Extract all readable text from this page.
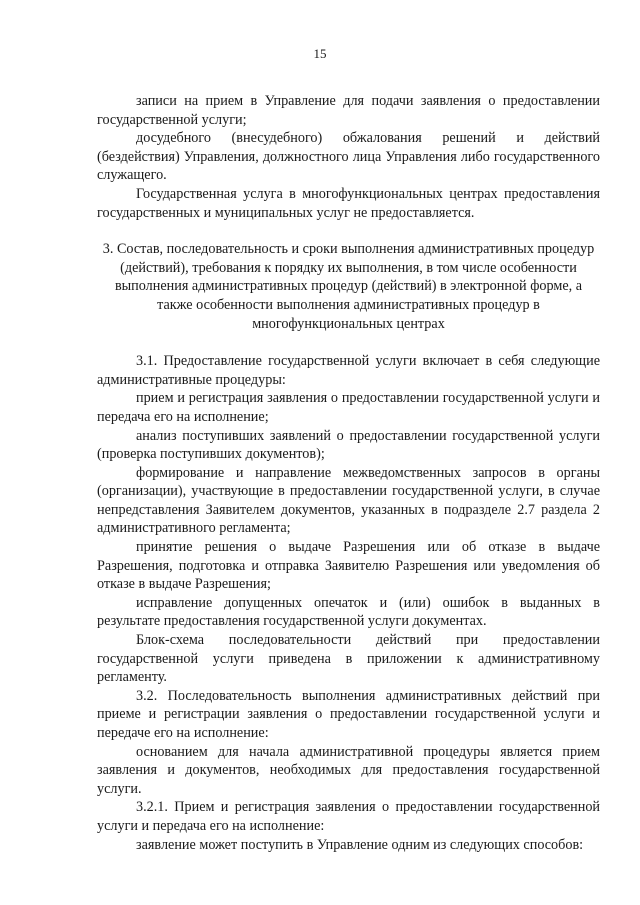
15

записи на прием в Управление для подачи заявления о предоставлении государственной услуги;

досудебного (внесудебного) обжалования решений и действий (бездействия) Управления, должностного лица Управления либо государственного служащего.

Государственная услуга в многофункциональных центрах предоставления государственных и муниципальных услуг не предоставляется.

3. Состав, последовательность и сроки выполнения административных процедур (действий), требования к порядку их выполнения, в том числе особенности выполнения административных процедур (действий) в электронной форме, а также особенности выполнения административных процедур в многофункциональных центрах

3.1. Предоставление государственной услуги включает в себя следующие административные процедуры:

прием и регистрация заявления о предоставлении государственной услуги и передача его на исполнение;

анализ поступивших заявлений о предоставлении государственной услуги (проверка поступивших документов);

формирование и направление межведомственных запросов в органы (организации), участвующие в предоставлении государственной услуги, в случае непредставления Заявителем документов, указанных в подразделе 2.7 раздела 2 административного регламента;

принятие решения о выдаче Разрешения или об отказе в выдаче Разрешения, подготовка и отправка Заявителю Разрешения или уведомления об отказе в выдаче Разрешения;

исправление допущенных опечаток и (или) ошибок в выданных в результате предоставления государственной услуги документах.

Блок-схема последовательности действий при предоставлении государственной услуги приведена в приложении к административному регламенту.

3.2. Последовательность выполнения административных действий при приеме и регистрации заявления о предоставлении государственной услуги и передаче его на исполнение:

основанием для начала административной процедуры является прием заявления и документов, необходимых для предоставления государственной услуги.

3.2.1. Прием и регистрация заявления о предоставлении государственной услуги и передача его на исполнение:

заявление может поступить в Управление одним из следующих способов:
